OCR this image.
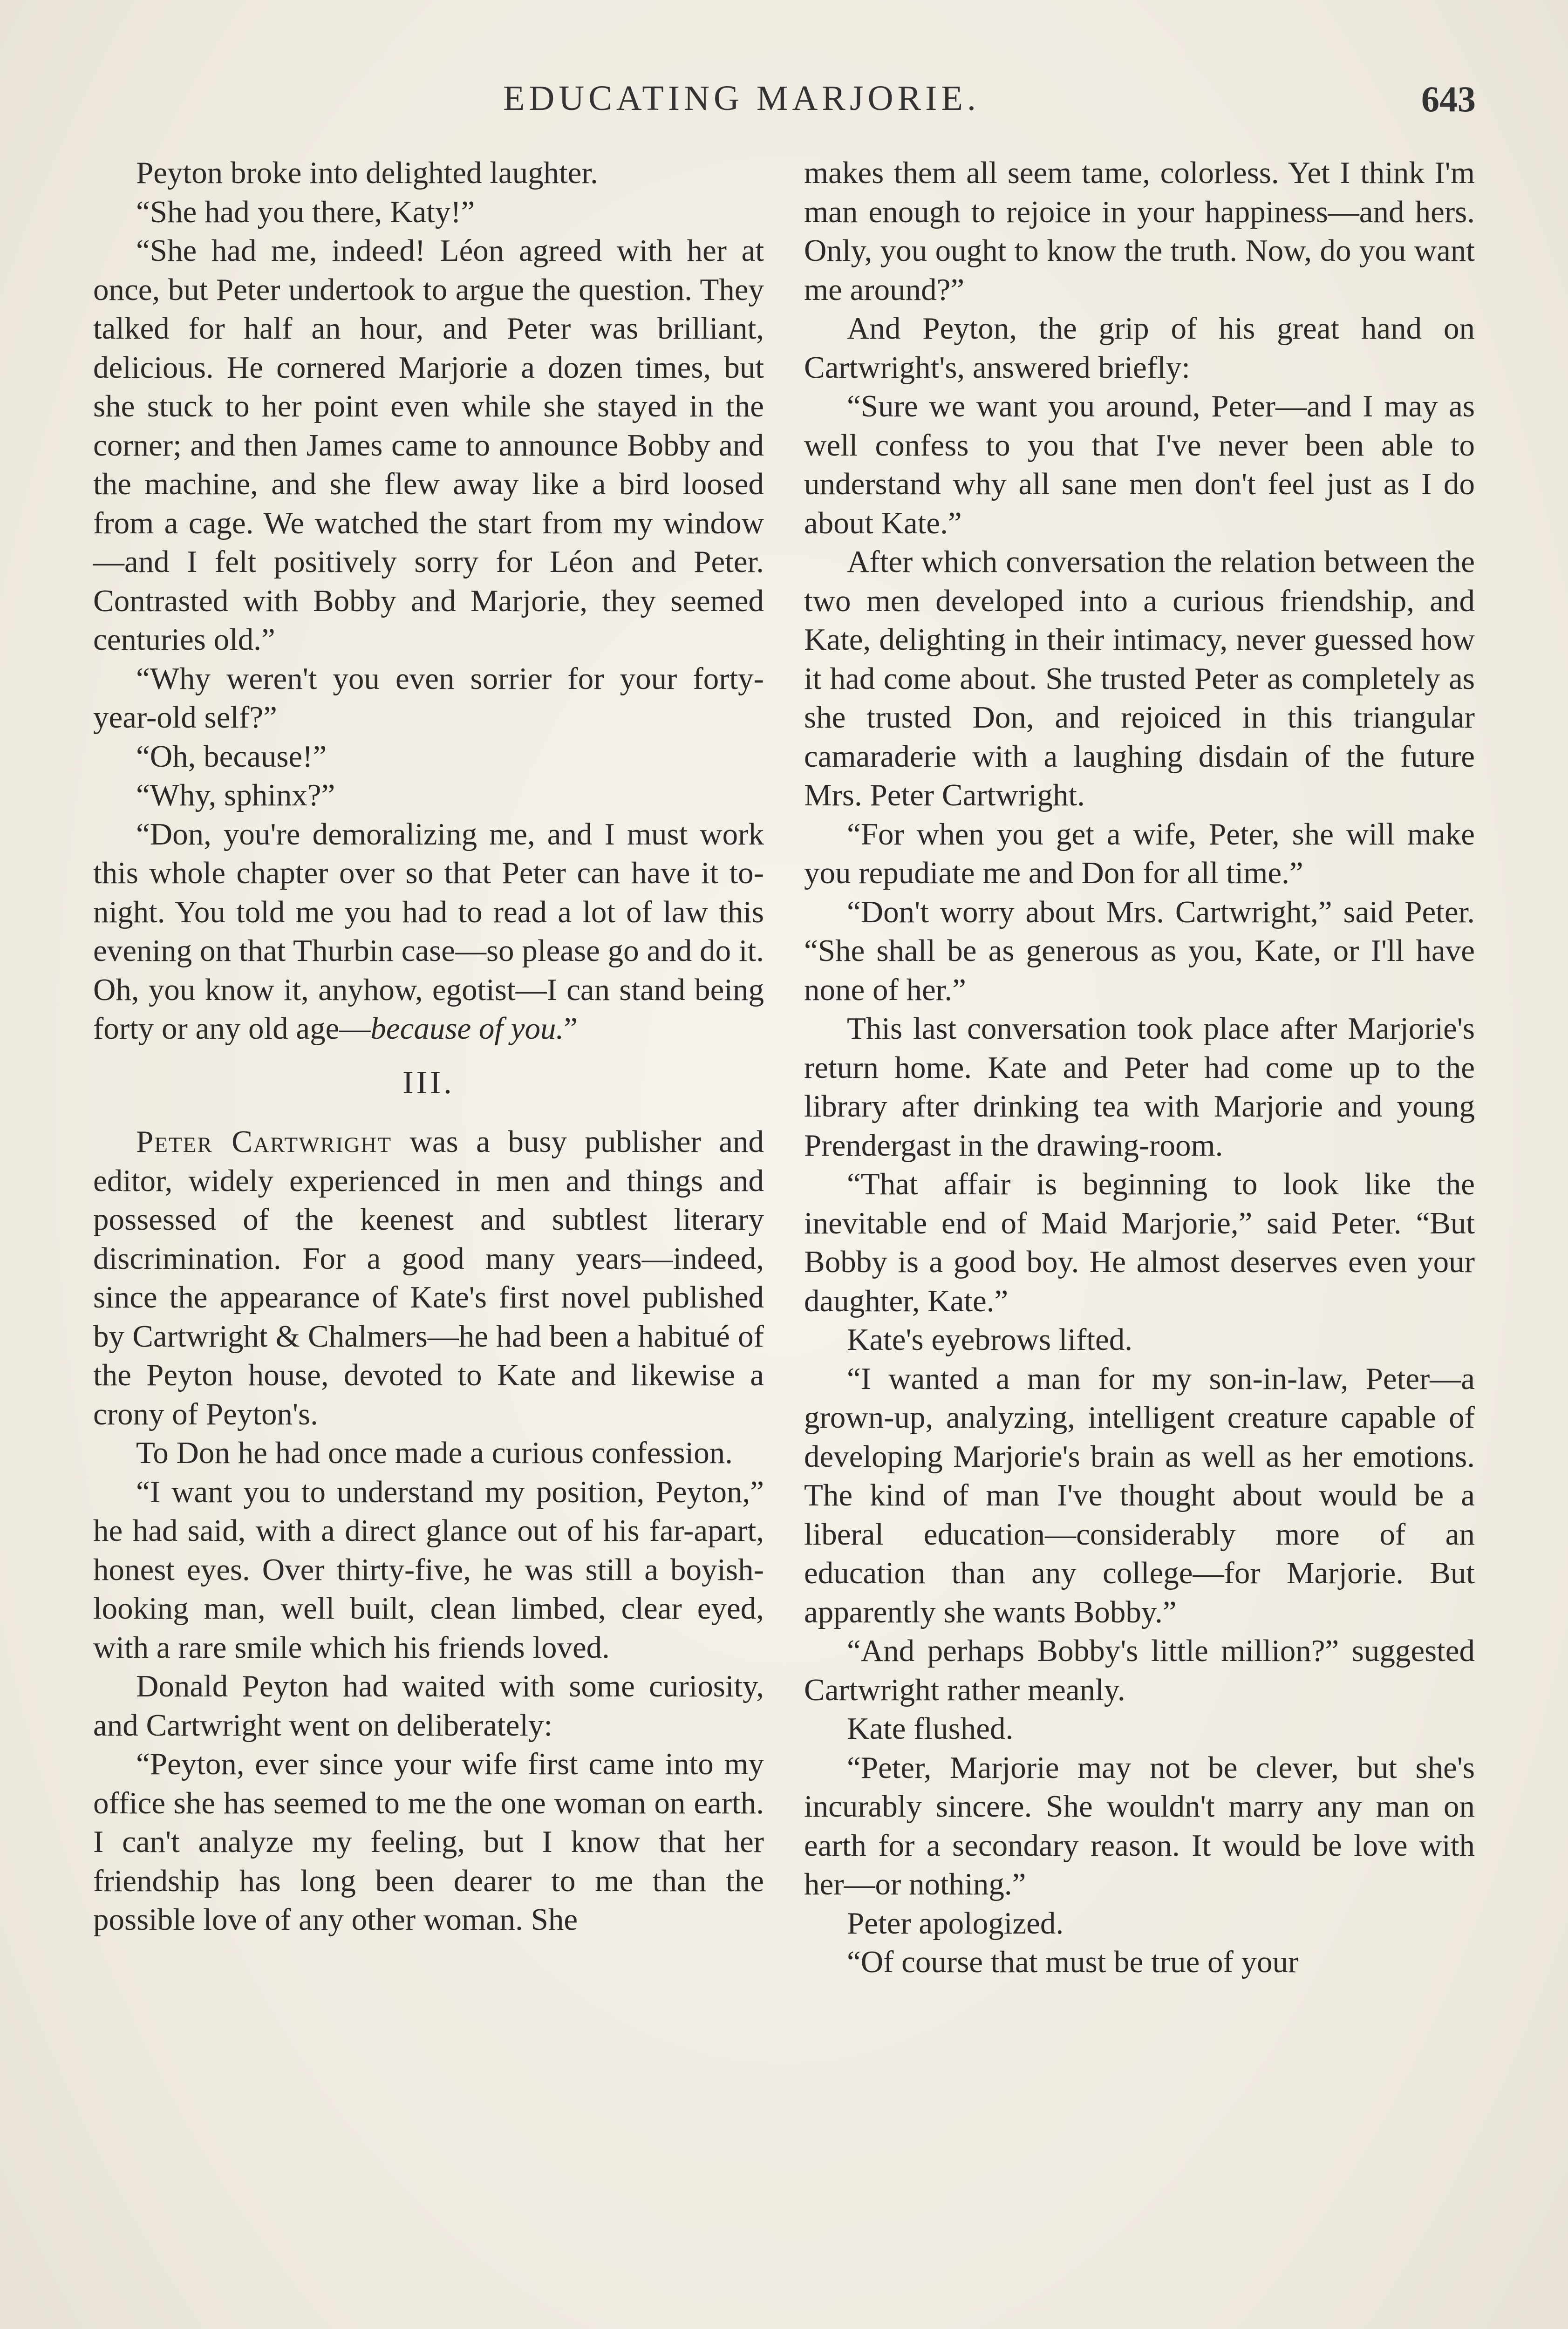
EDUCATING MARJORIE.	643

Peyton broke into delighted laughter.

“She had you there, Katy!”

“She had me, indeed! Léon agreed with her at once, but Peter undertook to argue the question. They talked for half an hour, and Peter was brilliant, delicious. He cornered Marjorie a dozen times, but she stuck to her point even while she stayed in the corner; and then James came to announce Bobby and the machine, and she flew away like a bird loosed from a cage. We watched the start from my window—and I felt positively sorry for Léon and Peter. Contrasted with Bobby and Marjorie, they seemed centuries old.”

“Why weren't you even sorrier for your forty-year-old self?”

“Oh, because!”

“Why, sphinx?”

“Don, you're demoralizing me, and I must work this whole chapter over so that Peter can have it to-night. You told me you had to read a lot of law this evening on that Thurbin case—so please go and do it. Oh, you know it, anyhow, egotist—I can stand being forty or any old age—because of you.”

III.

Peter Cartwright was a busy publisher and editor, widely experienced in men and things and possessed of the keenest and subtlest literary discrimination. For a good many years—indeed, since the appearance of Kate's first novel published by Cartwright & Chalmers—he had been a habitué of the Peyton house, devoted to Kate and likewise a crony of Peyton's.

To Don he had once made a curious confession.

“I want you to understand my position, Peyton,” he had said, with a direct glance out of his far-apart, honest eyes. Over thirty-five, he was still a boyish-looking man, well built, clean limbed, clear eyed, with a rare smile which his friends loved.

Donald Peyton had waited with some curiosity, and Cartwright went on deliberately:

“Peyton, ever since your wife first came into my office she has seemed to me the one woman on earth. I can't analyze my feeling, but I know that her friendship has long been dearer to me than the possible love of any other woman. She

makes them all seem tame, colorless. Yet I think I'm man enough to rejoice in your happiness—and hers. Only, you ought to know the truth. Now, do you want me around?”

And Peyton, the grip of his great hand on Cartwright's, answered briefly:

“Sure we want you around, Peter—and I may as well confess to you that I've never been able to understand why all sane men don't feel just as I do about Kate.”

After which conversation the relation between the two men developed into a curious friendship, and Kate, delighting in their intimacy, never guessed how it had come about. She trusted Peter as completely as she trusted Don, and rejoiced in this triangular camaraderie with a laughing disdain of the future Mrs. Peter Cartwright.

“For when you get a wife, Peter, she will make you repudiate me and Don for all time.”

“Don't worry about Mrs. Cartwright,” said Peter. “She shall be as generous as you, Kate, or I'll have none of her.”

This last conversation took place after Marjorie's return home. Kate and Peter had come up to the library after drinking tea with Marjorie and young Prendergast in the drawing-room.

“That affair is beginning to look like the inevitable end of Maid Marjorie,” said Peter. “But Bobby is a good boy. He almost deserves even your daughter, Kate.”

Kate's eyebrows lifted.

“I wanted a man for my son-in-law, Peter—a grown-up, analyzing, intelligent creature capable of developing Marjorie's brain as well as her emotions. The kind of man I've thought about would be a liberal education—considerably more of an education than any college—for Marjorie. But apparently she wants Bobby.”

“And perhaps Bobby's little million?” suggested Cartwright rather meanly.

Kate flushed.

“Peter, Marjorie may not be clever, but she's incurably sincere. She wouldn't marry any man on earth for a secondary reason. It would be love with her—or nothing.”

Peter apologized.

“Of course that must be true of your
